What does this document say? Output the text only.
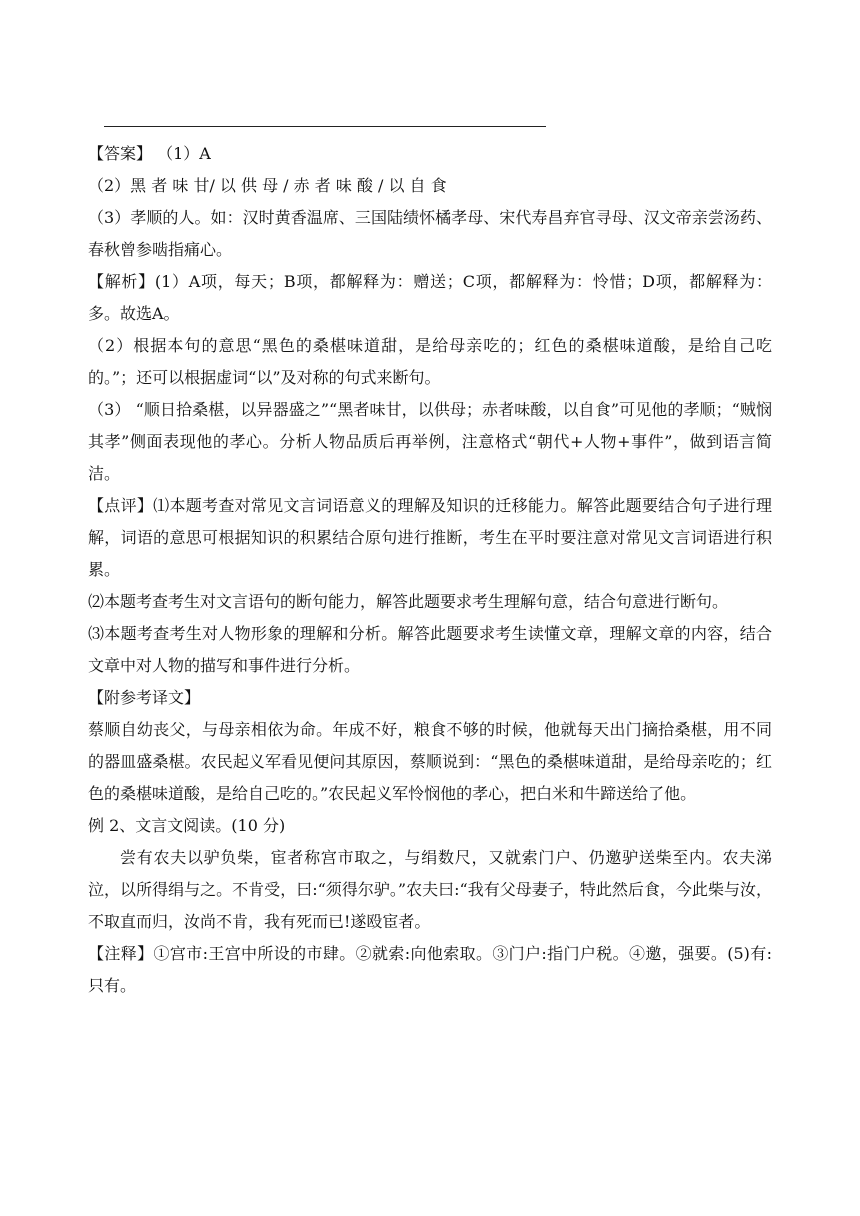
【答案】 （1）A

（2）黑 者 味 甘/ 以 供 母 / 赤 者 味 酸 / 以 自 食

（3）孝顺的人。如：汉时黄香温席、三国陆绩怀橘孝母、宋代寿昌弃官寻母、汉文帝亲尝汤药、春秋曾参啮指痛心。

【解析】(1）A项，每天；B项，都解释为：赠送；C项，都解释为：怜惜；D项，都解释为：多。故选A。

（2）根据本句的意思“黑色的桑椹味道甜，是给母亲吃的；红色的桑椹味道酸，是给自己吃的。”；还可以根据虚词“以”及对称的句式来断句。

（3） “顺日拾桑椹，以异器盛之”“黑者味甘，以供母；赤者味酸，以自食”可见他的孝顺；“贼悯其孝”侧面表现他的孝心。分析人物品质后再举例，注意格式“朝代+人物+事件”，做到语言简洁。

【点评】⑴本题考查对常见文言词语意义的理解及知识的迁移能力。解答此题要结合句子进行理解，词语的意思可根据知识的积累结合原句进行推断，考生在平时要注意对常见文言词语进行积累。

⑵本题考查考生对文言语句的断句能力，解答此题要求考生理解句意，结合句意进行断句。

⑶本题考查考生对人物形象的理解和分析。解答此题要求考生读懂文章，理解文章的内容，结合文章中对人物的描写和事件进行分析。

【附参考译文】

蔡顺自幼丧父，与母亲相依为命。年成不好，粮食不够的时候，他就每天出门摘拾桑椹，用不同的器皿盛桑椹。农民起义军看见便问其原因，蔡顺说到：“黑色的桑椹味道甜，是给母亲吃的；红色的桑椹味道酸，是给自己吃的。”农民起义军怜悯他的孝心，把白米和牛蹄送给了他。

例 2、文言文阅读。(10 分)

尝有农夫以驴负柴，宦者称宫市取之，与绢数尺，又就索门户、仍邀驴送柴至内。农夫涕泣，以所得绢与之。不肯受，曰:“须得尔驴。”农夫曰:“我有父母妻子，特此然后食，今此柴与汝，不取直而归，汝尚不肯，我有死而已!遂殴宦者。

【注释】①宫市:王宫中所设的市肆。②就索:向他索取。③门户:指门户税。④邀，强要。(5)有:只有。
